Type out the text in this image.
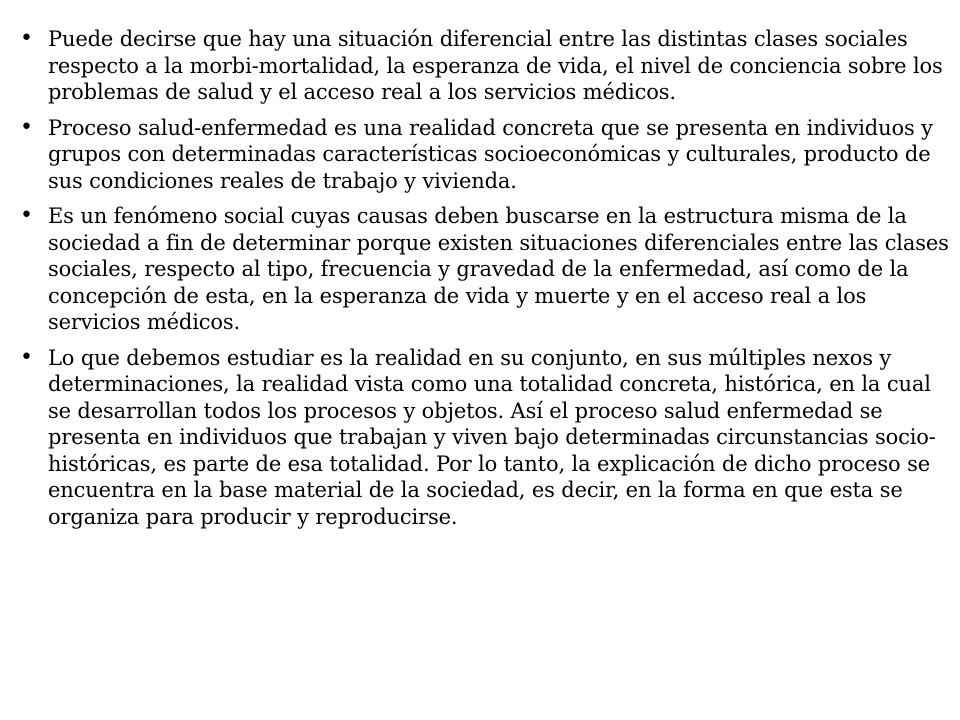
• Puede decirse que hay una situación diferencial entre las distintas clases sociales respecto a la morbi-mortalidad, la esperanza de vida, el nivel de conciencia sobre los problemas de salud y el acceso real a los servicios médicos.
• Proceso salud-enfermedad es una realidad concreta que se presenta en individuos y grupos con determinadas características socioeconómicas y culturales, producto de sus condiciones reales de trabajo y vivienda.
• Es un fenómeno social cuyas causas deben buscarse en la estructura misma de la sociedad a fin de determinar porque existen situaciones diferenciales entre las clases sociales, respecto al tipo, frecuencia y gravedad de la enfermedad, así como de la concepción de esta, en la esperanza de vida y muerte y en el acceso real a los servicios médicos.
• Lo que debemos estudiar es la realidad en su conjunto, en sus múltiples nexos y determinaciones, la realidad vista como una totalidad concreta, histórica, en la cual se desarrollan todos los procesos y objetos. Así el proceso salud enfermedad se presenta en individuos que trabajan y viven bajo determinadas circunstancias socio-históricas, es parte de esa totalidad. Por lo tanto, la explicación de dicho proceso se encuentra en la base material de la sociedad, es decir, en la forma en que esta se organiza para producir y reproducirse.
